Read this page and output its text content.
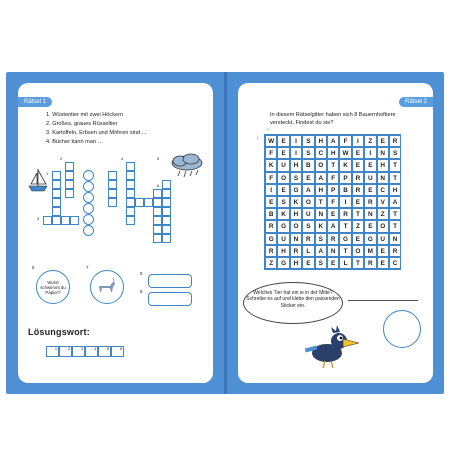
Rätsel 1
1. Wüstentier mit zwei Höckern
2. Großes, graues Rüsseltier
3. Kartoffeln, Erbsen und Möhren sind …
4. Bücher kann man …
1
2
3
4	5
6
5
Wurst schwimmt du Papier?
7
8
9
Lösungswort:
1	2	3	4	5	6
Rätsel 2
In diesem Rätselgitter haben sich 8 Bauernhoftiere versteckt. Findest du sie?
→
↓	W	E	I	S	H	A	F	I	Z	E	R
F	E	I	S	C	H	W	E	I	N	S
K	U	H	B	O	T	K	E	E	H	T
F	O	S	E	A	F	P	R	U	N	T
I	E	G	A	H	P	B	R	E	C	H
E	S	K	O	T	F	I	E	R	V	A
B	K	H	U	N	E	R	T	N	Z	T
R	G	O	S	K	A	T	Z	E	O	T
G	U	N	R	S	R	G	E	G	U	N
R	H	R	L	A	N	T	O	M	E	R
Z	G	H	E	S	E	L	T	R	E	C
Welches Tier hat ein ie in der Mitte? Schreibe es auf und klebe den passenden Sticker ein.
